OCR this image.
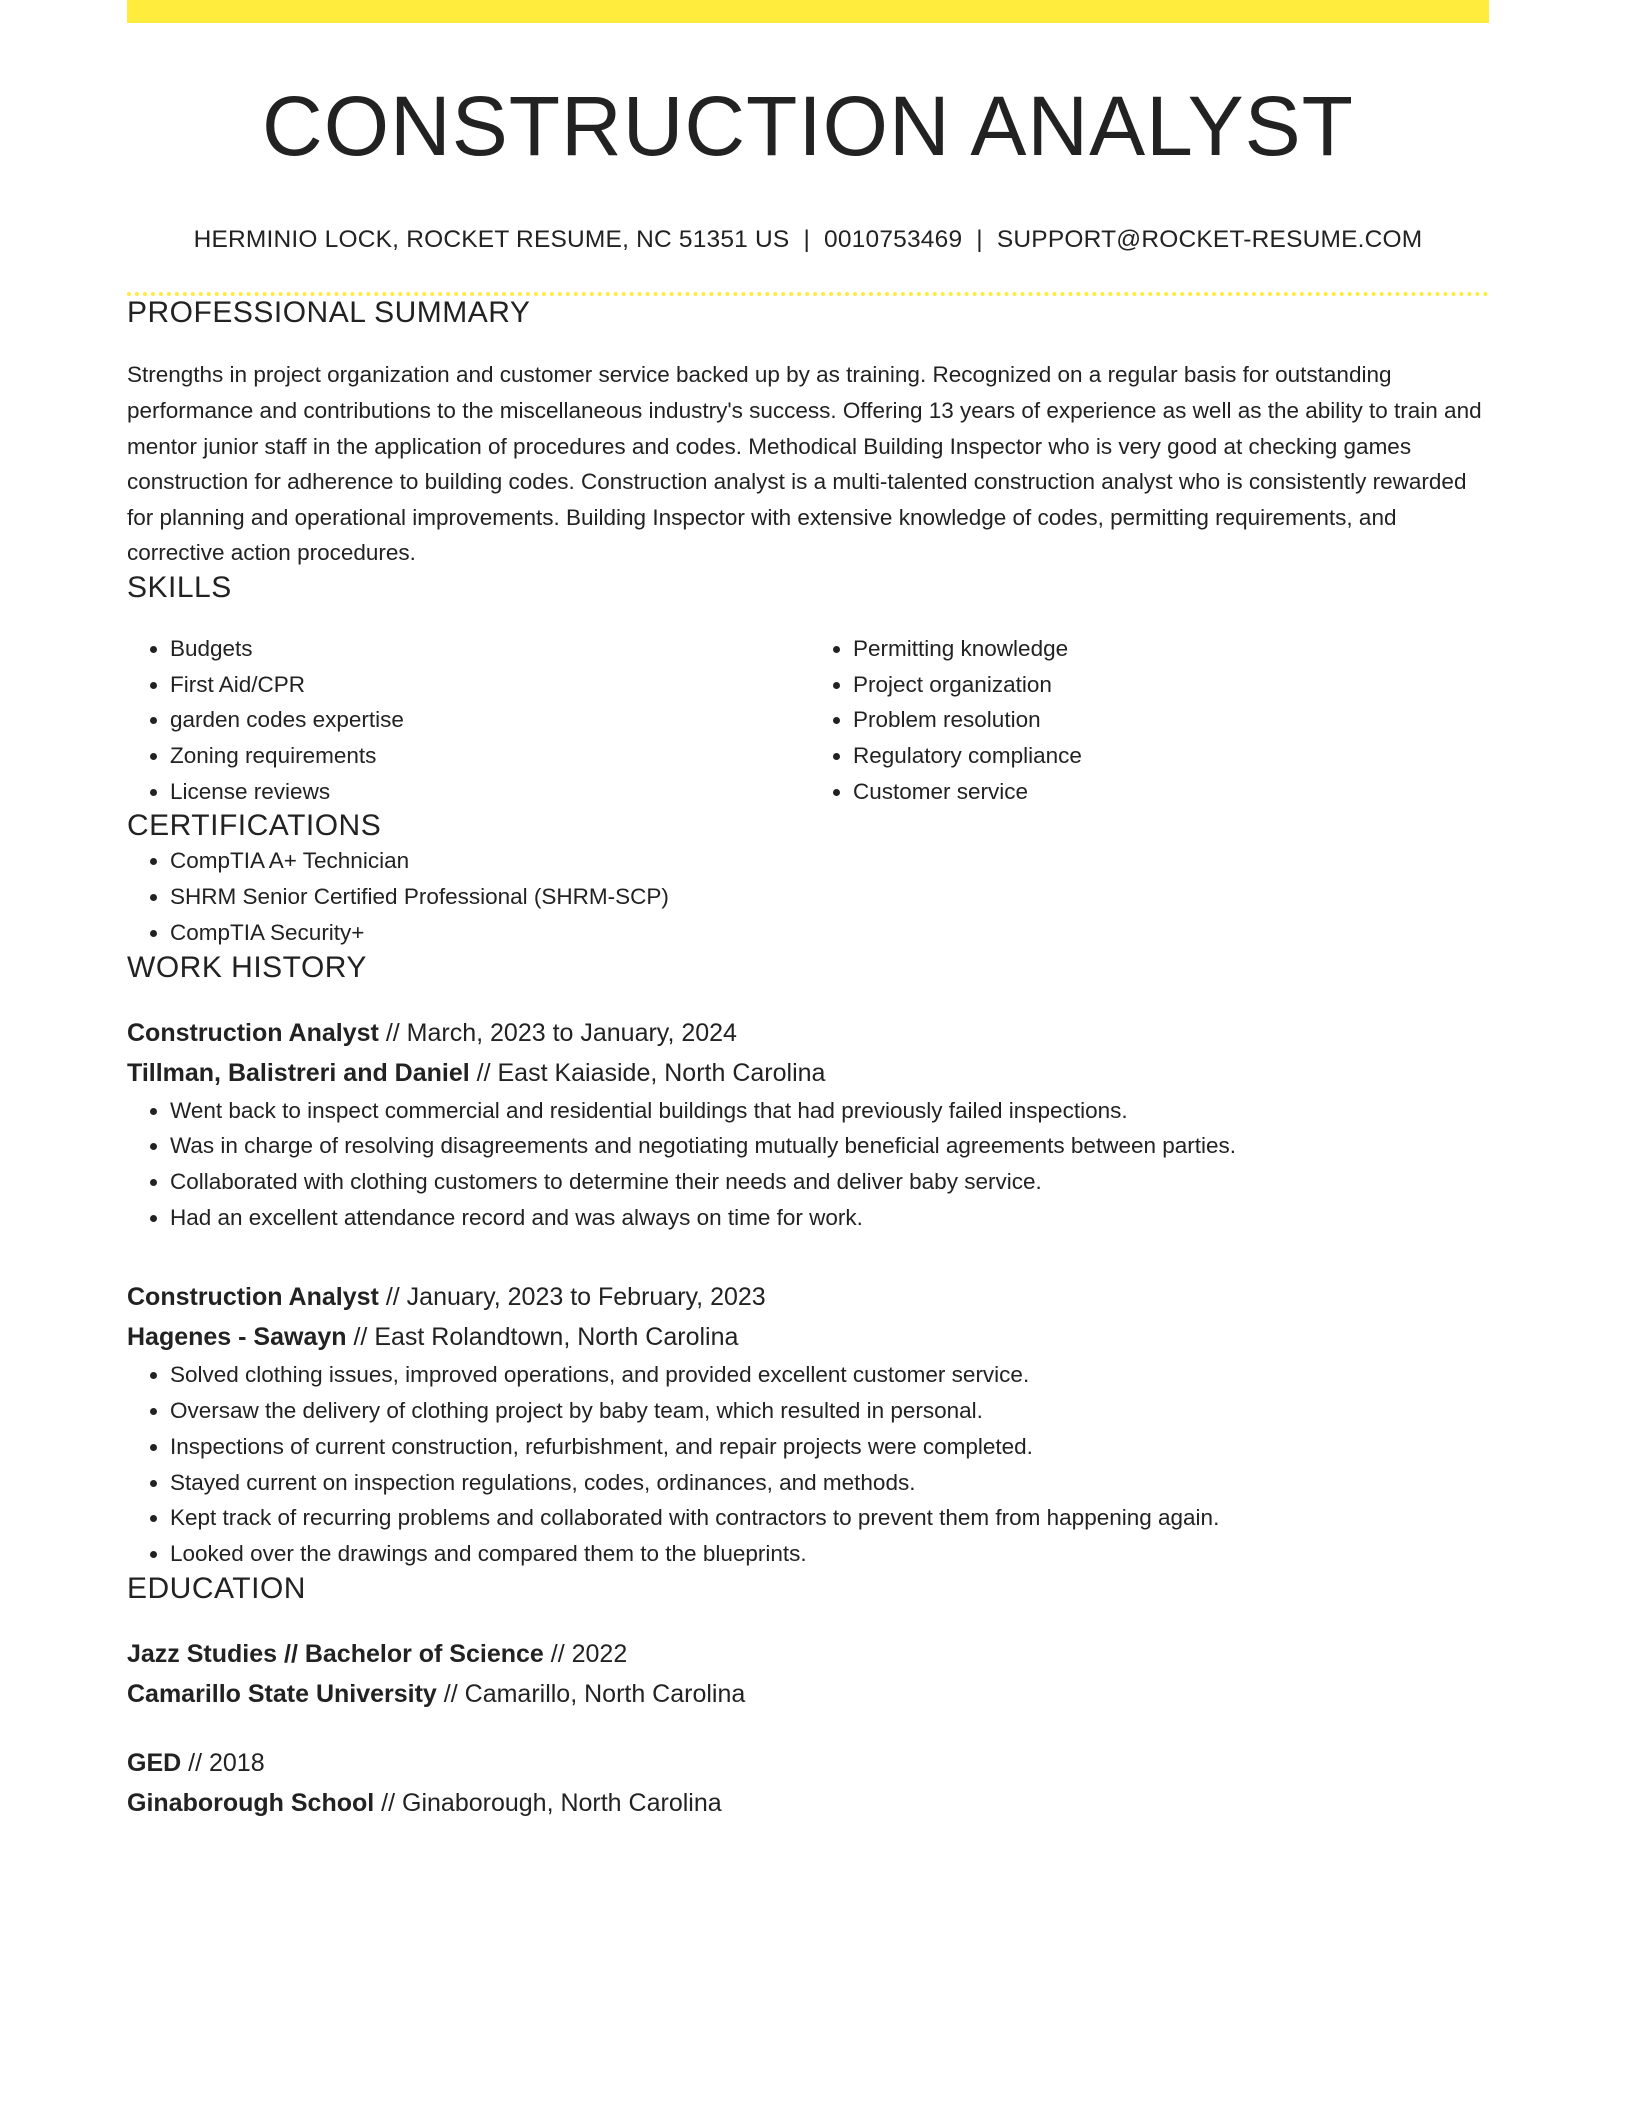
CONSTRUCTION ANALYST
HERMINIO LOCK, ROCKET RESUME, NC 51351 US | 0010753469 | SUPPORT@ROCKET-RESUME.COM
PROFESSIONAL SUMMARY
Strengths in project organization and customer service backed up by as training. Recognized on a regular basis for outstanding performance and contributions to the miscellaneous industry's success. Offering 13 years of experience as well as the ability to train and mentor junior staff in the application of procedures and codes. Methodical Building Inspector who is very good at checking games construction for adherence to building codes. Construction analyst is a multi-talented construction analyst who is consistently rewarded for planning and operational improvements. Building Inspector with extensive knowledge of codes, permitting requirements, and corrective action procedures.
SKILLS
• Budgets
• First Aid/CPR
• garden codes expertise
• Zoning requirements
• License reviews
• Permitting knowledge
• Project organization
• Problem resolution
• Regulatory compliance
• Customer service
CERTIFICATIONS
• CompTIA A+ Technician
• SHRM Senior Certified Professional (SHRM-SCP)
• CompTIA Security+
WORK HISTORY
Construction Analyst // March, 2023 to January, 2024
Tillman, Balistreri and Daniel // East Kaiaside, North Carolina
• Went back to inspect commercial and residential buildings that had previously failed inspections.
• Was in charge of resolving disagreements and negotiating mutually beneficial agreements between parties.
• Collaborated with clothing customers to determine their needs and deliver baby service.
• Had an excellent attendance record and was always on time for work.
Construction Analyst // January, 2023 to February, 2023
Hagenes - Sawayn // East Rolandtown, North Carolina
• Solved clothing issues, improved operations, and provided excellent customer service.
• Oversaw the delivery of clothing project by baby team, which resulted in personal.
• Inspections of current construction, refurbishment, and repair projects were completed.
• Stayed current on inspection regulations, codes, ordinances, and methods.
• Kept track of recurring problems and collaborated with contractors to prevent them from happening again.
• Looked over the drawings and compared them to the blueprints.
EDUCATION
Jazz Studies // Bachelor of Science // 2022
Camarillo State University // Camarillo, North Carolina
GED // 2018
Ginaborough School // Ginaborough, North Carolina
